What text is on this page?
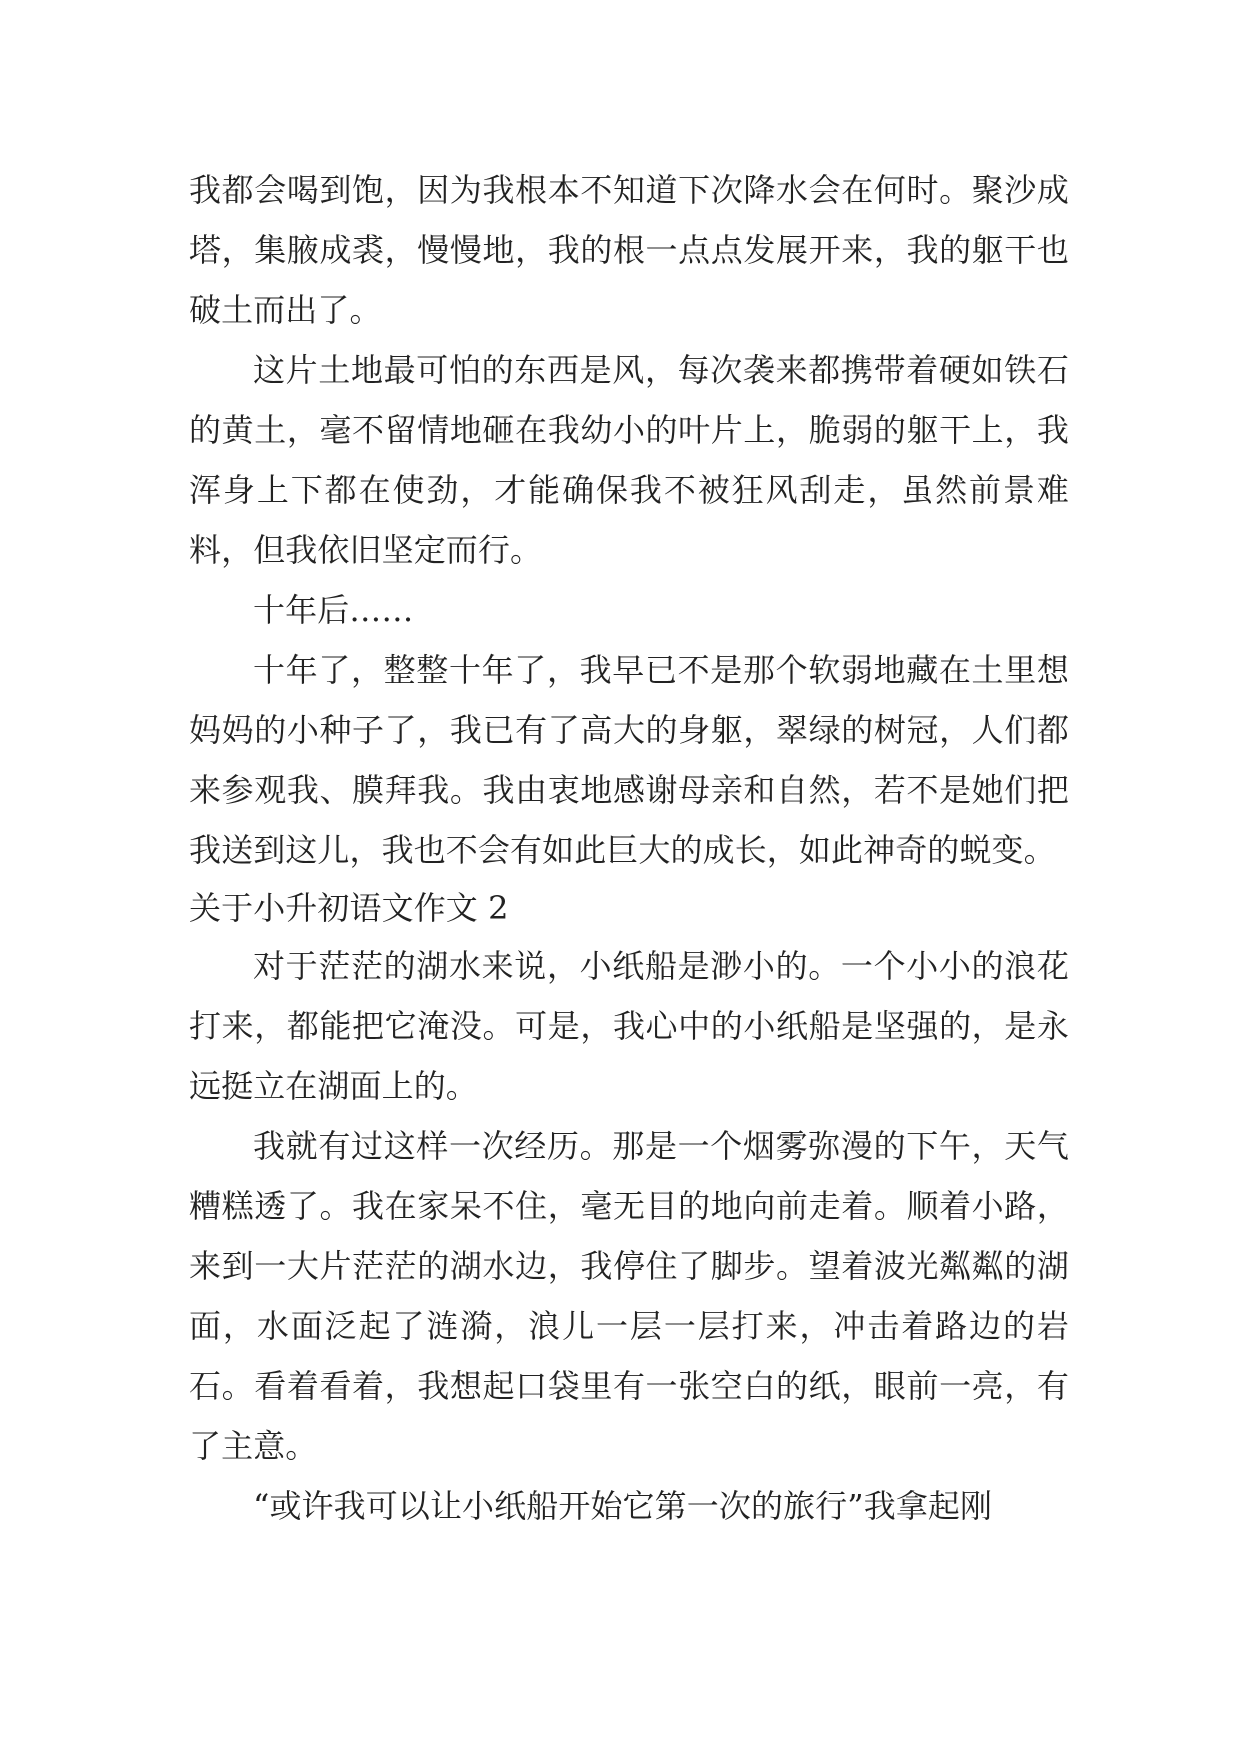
我都会喝到饱，因为我根本不知道下次降水会在何时。聚沙成塔，集腋成裘，慢慢地，我的根一点点发展开来，我的躯干也破土而出了。

这片土地最可怕的东西是风，每次袭来都携带着硬如铁石的黄土，毫不留情地砸在我幼小的叶片上，脆弱的躯干上，我浑身上下都在使劲，才能确保我不被狂风刮走，虽然前景难料，但我依旧坚定而行。

十年后……

十年了，整整十年了，我早已不是那个软弱地藏在土里想妈妈的小种子了，我已有了高大的身躯，翠绿的树冠，人们都来参观我、膜拜我。我由衷地感谢母亲和自然，若不是她们把我送到这儿，我也不会有如此巨大的成长，如此神奇的蜕变。

关于小升初语文作文 2

对于茫茫的湖水来说，小纸船是渺小的。一个小小的浪花打来，都能把它淹没。可是，我心中的小纸船是坚强的，是永远挺立在湖面上的。

我就有过这样一次经历。那是一个烟雾弥漫的下午，天气糟糕透了。我在家呆不住，毫无目的地向前走着。顺着小路，来到一大片茫茫的湖水边，我停住了脚步。望着波光粼粼的湖面，水面泛起了涟漪，浪儿一层一层打来，冲击着路边的岩石。看着看着，我想起口袋里有一张空白的纸，眼前一亮，有了主意。

“或许我可以让小纸船开始它第一次的旅行”我拿起刚
